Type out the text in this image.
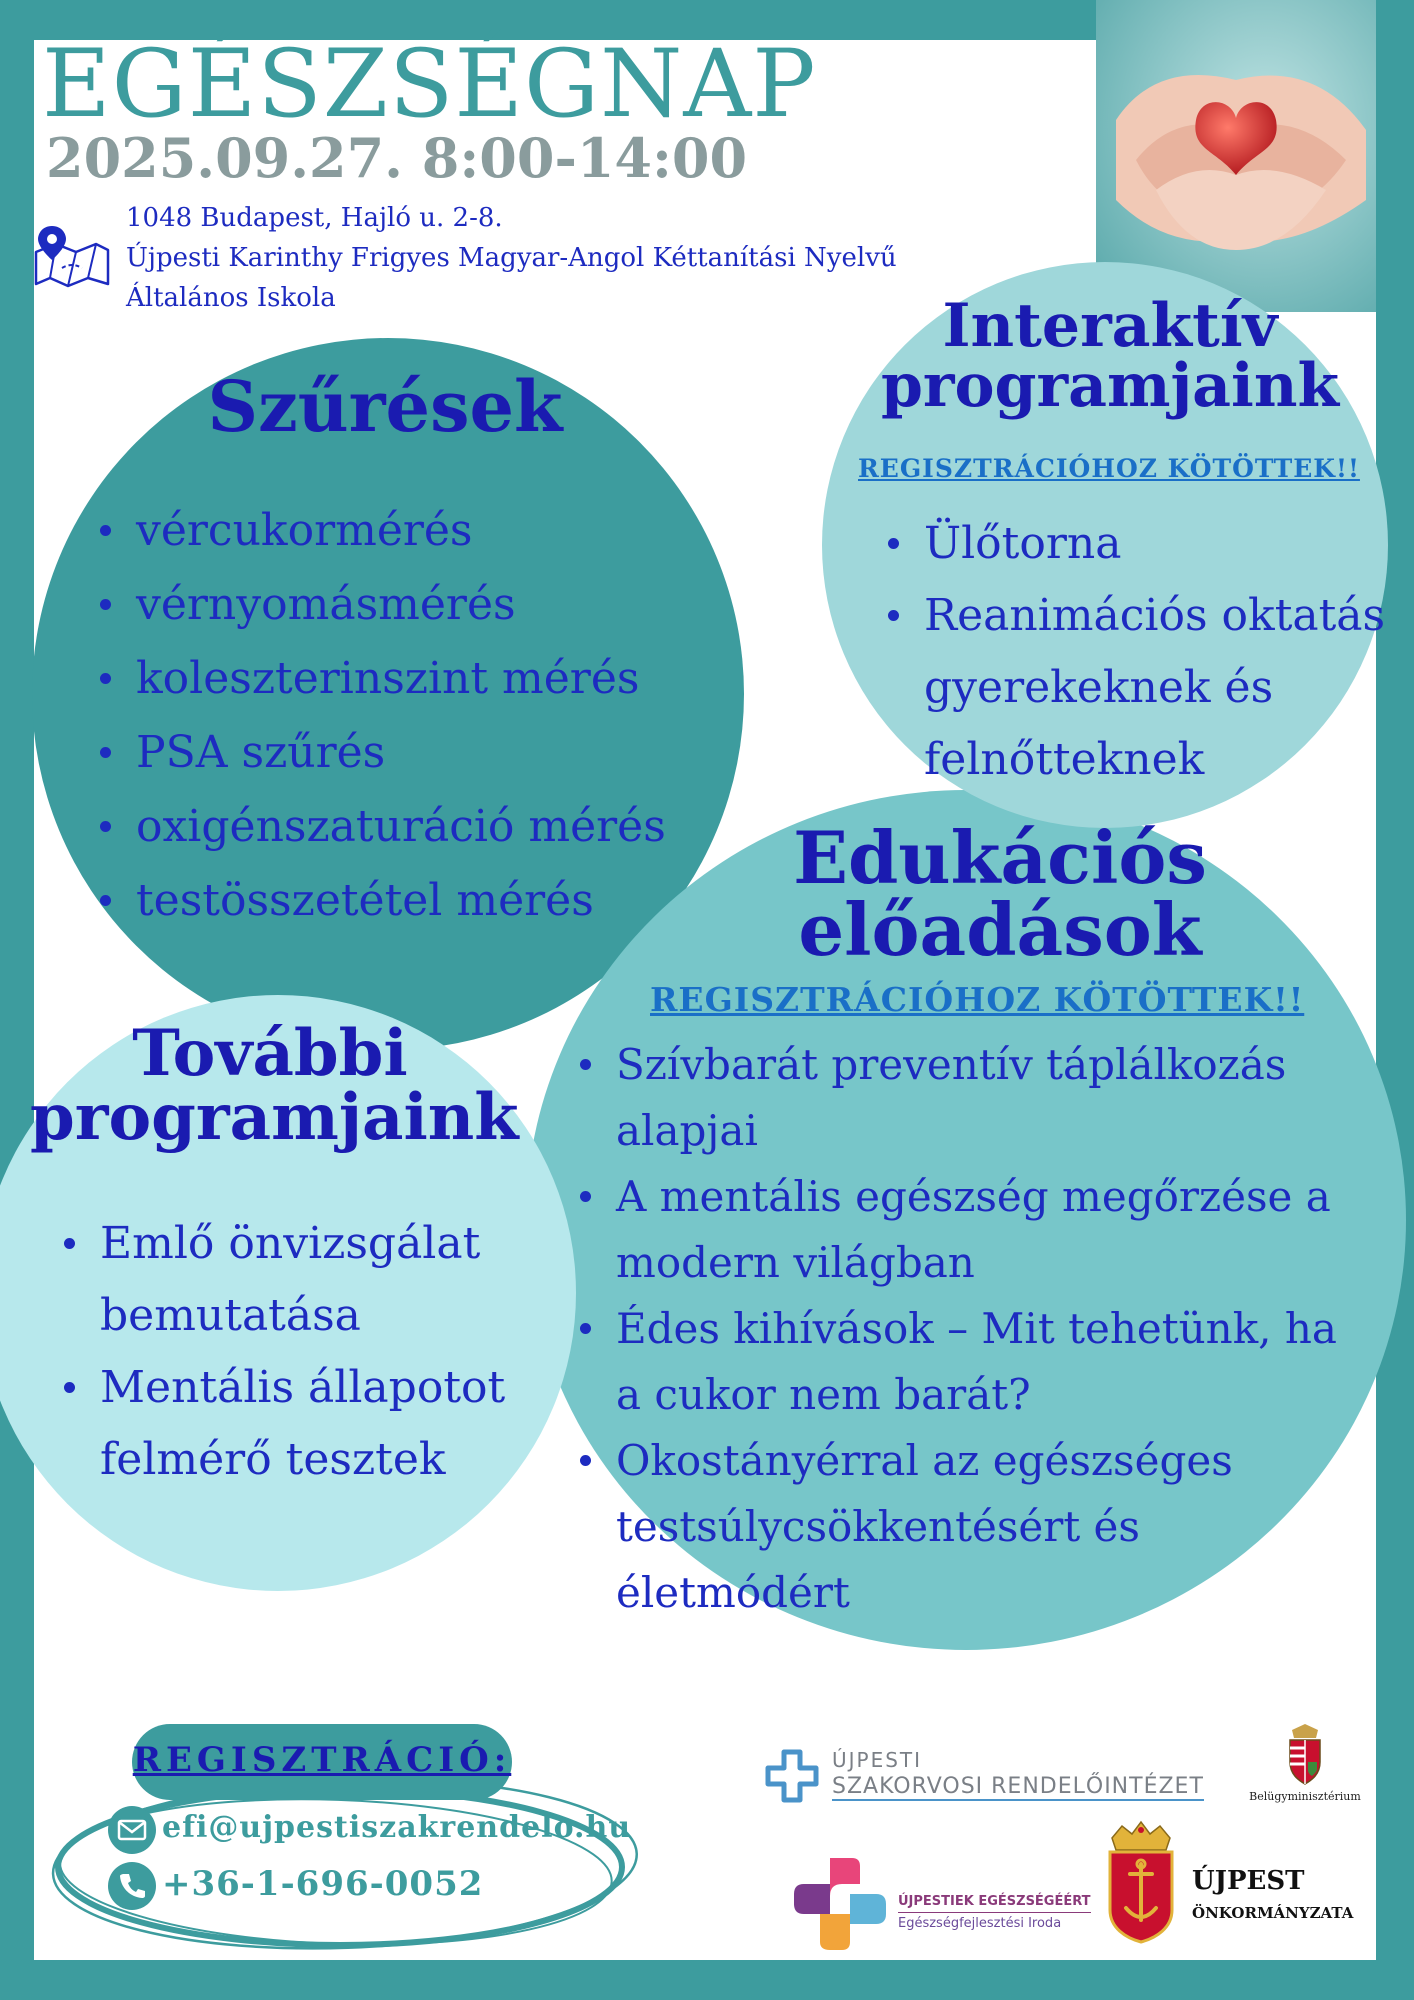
EGÉSZSÉGNAP
2025.09.27. 8:00-14:00
1048 Budapest, Hajló u. 2-8.
Újpesti Karinthy Frigyes Magyar-Angol Kéttanítási Nyelvű
Általános Iskola
Szűrések
vércukormérés
vérnyomásmérés
koleszterinszint mérés
PSA szűrés
oxigénszaturáció mérés
testösszetétel mérés
Interaktív
programjaink
REGISZTRÁCIÓHOZ KÖTÖTTEK!!
Ülőtorna
Reanimációs oktatás gyerekeknek és felnőtteknek
Edukációs
előadások
REGISZTRÁCIÓHOZ KÖTÖTTEK!!
Szívbarát preventív táplálkozás alapjai
A mentális egészség megőrzése a modern világban
Édes kihívások – Mit tehetünk, ha a cukor nem barát?
Okostányérral az egészséges testsúlycsökkentésért és életmódért
További
programjaink
Emlő önvizsgálat bemutatása
Mentális állapotot felmérő tesztek
REGISZTRÁCIÓ:
efi@ujpestiszakrendelo.hu
+36-1-696-0052
ÚJPESTI
SZAKORVOSI RENDELŐINTÉZET	Belügyminisztérium
ÚJPESTIEK EGÉSZSÉGÉÉRT
Egészségfejlesztési Iroda
ÚJPEST
ÖNKORMÁNYZATA
